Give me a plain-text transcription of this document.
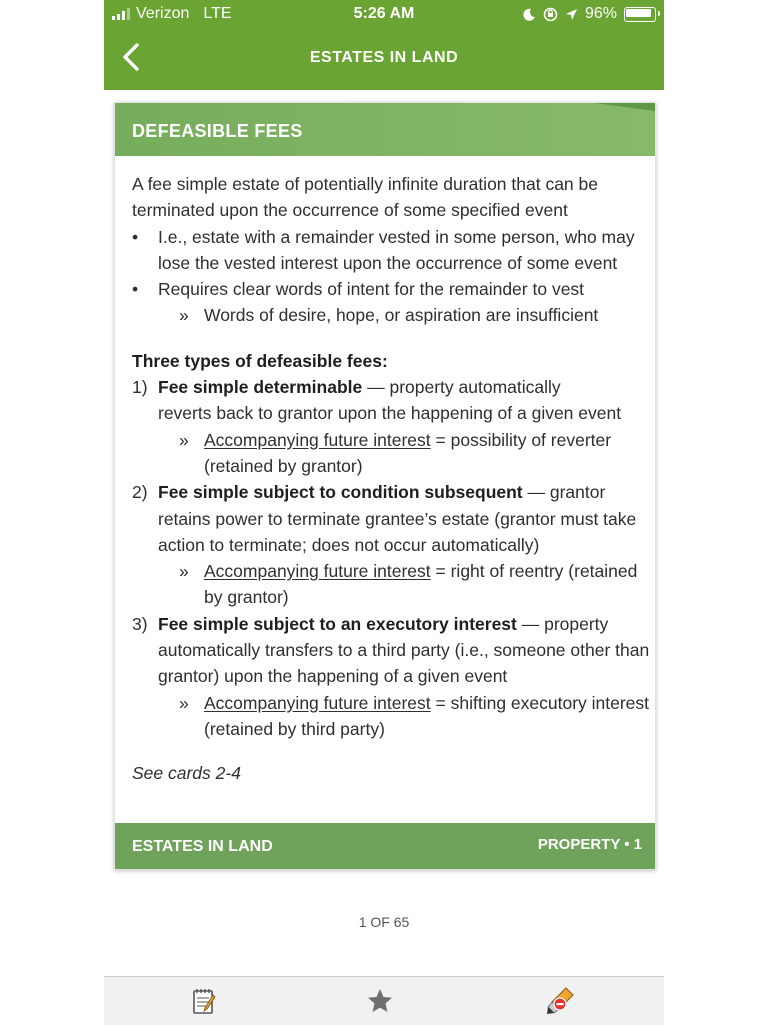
Verizon LTE	5:26 AM	96%
ESTATES IN LAND
DEFEASIBLE FEES
A fee simple estate of potentially infinite duration that can be
terminated upon the occurrence of some specified event
• I.e., estate with a remainder vested in some person, who may
lose the vested interest upon the occurrence of some event
• Requires clear words of intent for the remainder to vest
» Words of desire, hope, or aspiration are insufficient
Three types of defeasible fees:
1) Fee simple determinable — property automatically
reverts back to grantor upon the happening of a given event
» Accompanying future interest = possibility of reverter
(retained by grantor)
2) Fee simple subject to condition subsequent — grantor
retains power to terminate grantee’s estate (grantor must take
action to terminate; does not occur automatically)
» Accompanying future interest = right of reentry (retained
by grantor)
3) Fee simple subject to an executory interest — property
automatically transfers to a third party (i.e., someone other than
grantor) upon the happening of a given event
» Accompanying future interest = shifting executory interest
(retained by third party)
See cards 2-4
ESTATES IN LAND	PROPERTY • 1
1 OF 65
